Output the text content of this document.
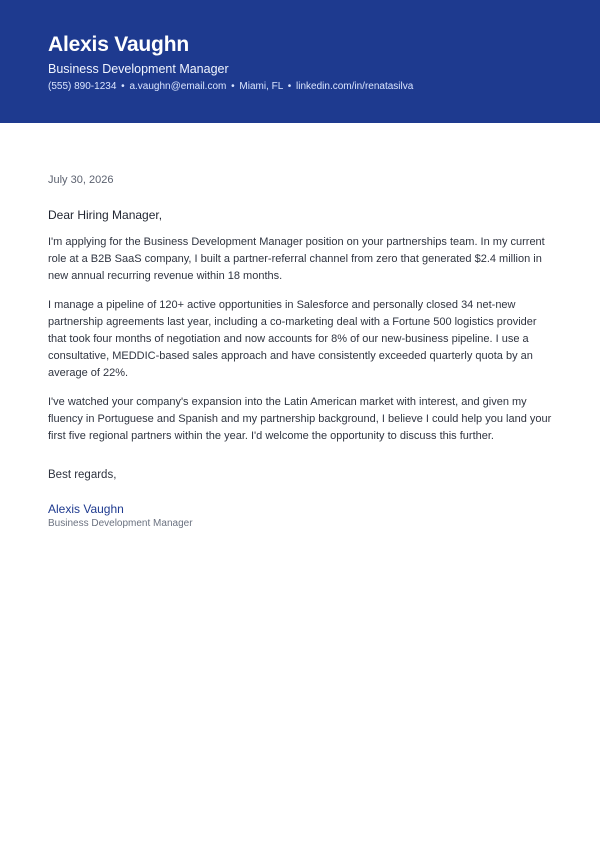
Alexis Vaughn
Business Development Manager
(555) 890-1234 • a.vaughn@email.com • Miami, FL • linkedin.com/in/renatasilva

July 30, 2026

Dear Hiring Manager,

I'm applying for the Business Development Manager position on your partnerships team. In my current role at a B2B SaaS company, I built a partner-referral channel from zero that generated $2.4 million in new annual recurring revenue within 18 months.

I manage a pipeline of 120+ active opportunities in Salesforce and personally closed 34 net-new partnership agreements last year, including a co-marketing deal with a Fortune 500 logistics provider that took four months of negotiation and now accounts for 8% of our new-business pipeline. I use a consultative, MEDDIC-based sales approach and have consistently exceeded quarterly quota by an average of 22%.

I've watched your company's expansion into the Latin American market with interest, and given my fluency in Portuguese and Spanish and my partnership background, I believe I could help you land your first five regional partners within the year. I'd welcome the opportunity to discuss this further.

Best regards,

Alexis Vaughn

Business Development Manager
